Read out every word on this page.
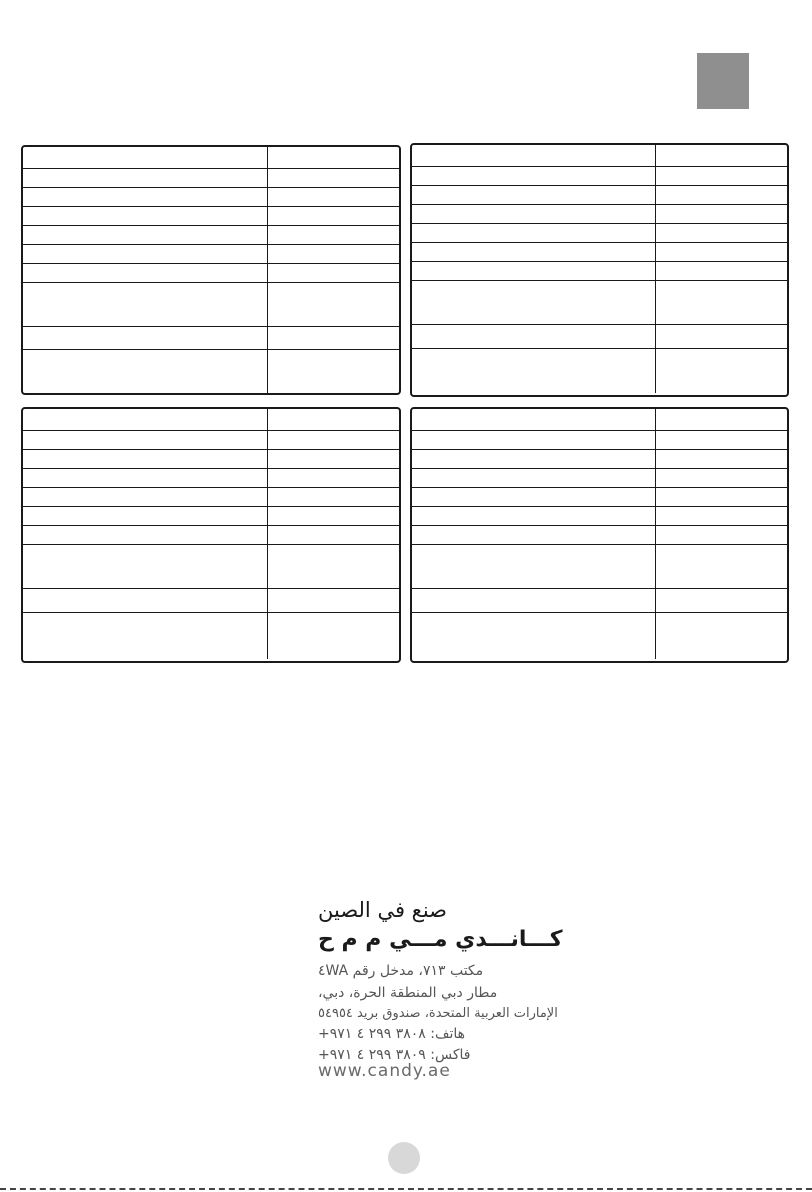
صنع في الصين
كـــانـــدي مـــي م م ح
مكتب ٧١٣، مدخل رقم ٤WA
مطار دبي المنطقة الحرة، دبي،
الإمارات العربية المتحدة، صندوق بريد ٥٤٩٥٤
هاتف: ٣٨٠٨ ٢٩٩ ٤ ٩٧١+
فاكس: ٣٨٠٩ ٢٩٩ ٤ ٩٧١+
www.candy.ae
